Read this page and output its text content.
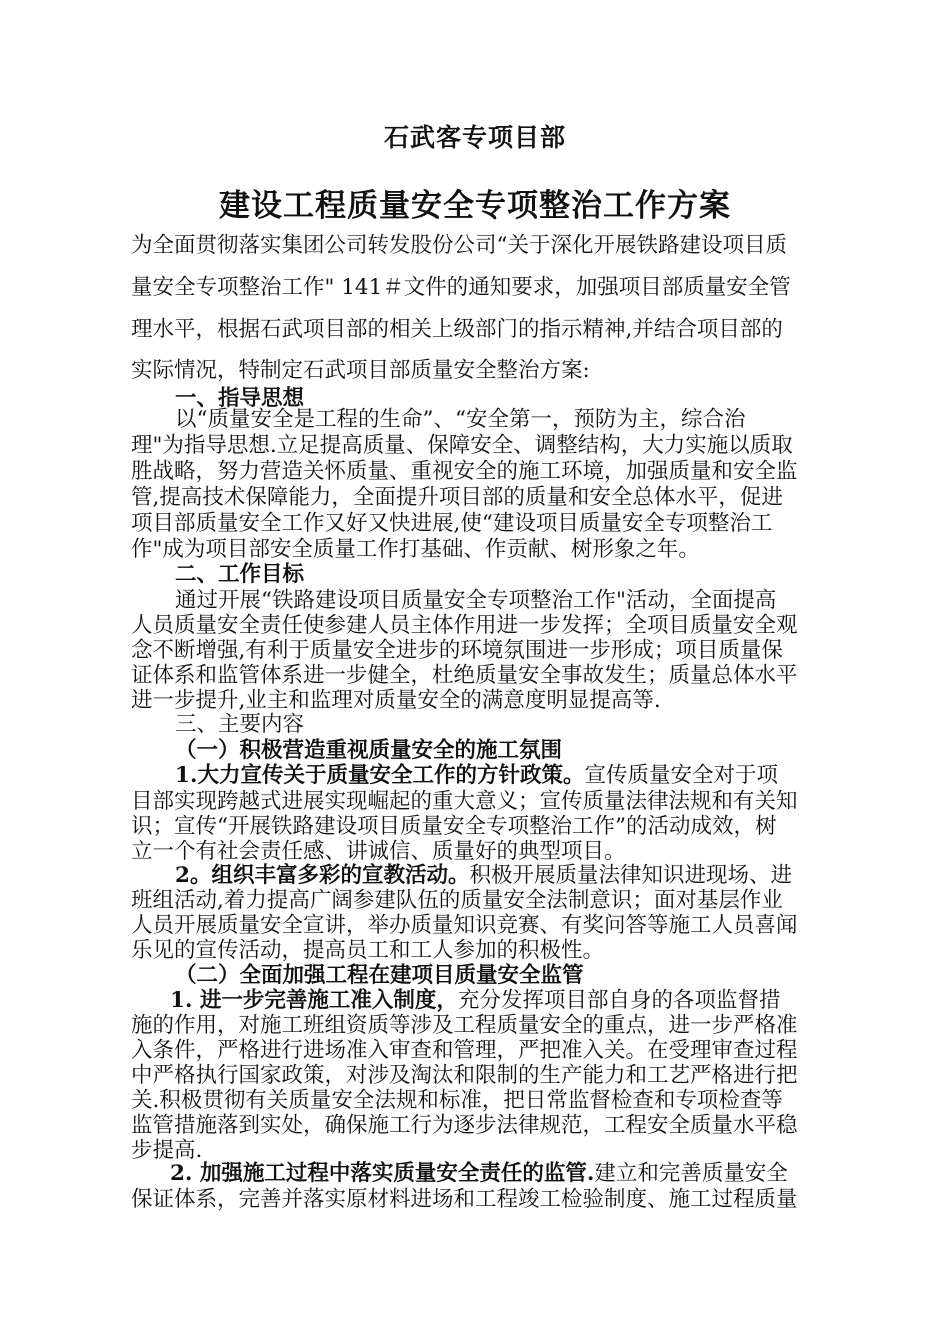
石武客专项目部
建设工程质量安全专项整治工作方案
为全面贯彻落实集团公司转发股份公司“关于深化开展铁路建设项目质
量安全专项整治工作" 141＃文件的通知要求，加强项目部质量安全管
理水平，根据石武项目部的相关上级部门的指示精神,并结合项目部的
实际情况，特制定石武项目部质量安全整治方案:
一、指导思想
以“质量安全是工程的生命”、“安全第一，预防为主，综合治
理"为指导思想.立足提高质量、保障安全、调整结构，大力实施以质取
胜战略，努力营造关怀质量、重视安全的施工环境，加强质量和安全监
管,提高技术保障能力，全面提升项目部的质量和安全总体水平，促进
项目部质量安全工作又好又快进展,使“建设项目质量安全专项整治工
作"成为项目部安全质量工作打基础、作贡献、树形象之年。
二、工作目标
通过开展“铁路建设项目质量安全专项整治工作"活动，全面提高
人员质量安全责任使参建人员主体作用进一步发挥；全项目质量安全观
念不断增强,有利于质量安全进步的环境氛围进一步形成；项目质量保
证体系和监管体系进一步健全，杜绝质量安全事故发生；质量总体水平
进一步提升,业主和监理对质量安全的满意度明显提高等.
三、主要内容
（一）积极营造重视质量安全的施工氛围
1.大力宣传关于质量安全工作的方针政策。宣传质量安全对于项
目部实现跨越式进展实现崛起的重大意义；宣传质量法律法规和有关知
识；宣传“开展铁路建设项目质量安全专项整治工作”的活动成效，树
立一个有社会责任感、讲诚信、质量好的典型项目。
2。组织丰富多彩的宣教活动。积极开展质量法律知识进现场、进
班组活动,着力提高广阔参建队伍的质量安全法制意识；面对基层作业
人员开展质量安全宣讲，举办质量知识竞赛、有奖问答等施工人员喜闻
乐见的宣传活动，提高员工和工人参加的积极性。
（二）全面加强工程在建项目质量安全监管
1. 进一步完善施工准入制度，充分发挥项目部自身的各项监督措
施的作用，对施工班组资质等涉及工程质量安全的重点，进一步严格准
入条件，严格进行进场准入审查和管理，严把准入关。在受理审查过程
中严格执行国家政策，对涉及淘汰和限制的生产能力和工艺严格进行把
关.积极贯彻有关质量安全法规和标准，把日常监督检查和专项检查等
监管措施落到实处，确保施工行为逐步法律规范，工程安全质量水平稳
步提高.
2. 加强施工过程中落实质量安全责任的监管.建立和完善质量安全
保证体系，完善并落实原材料进场和工程竣工检验制度、施工过程质量
